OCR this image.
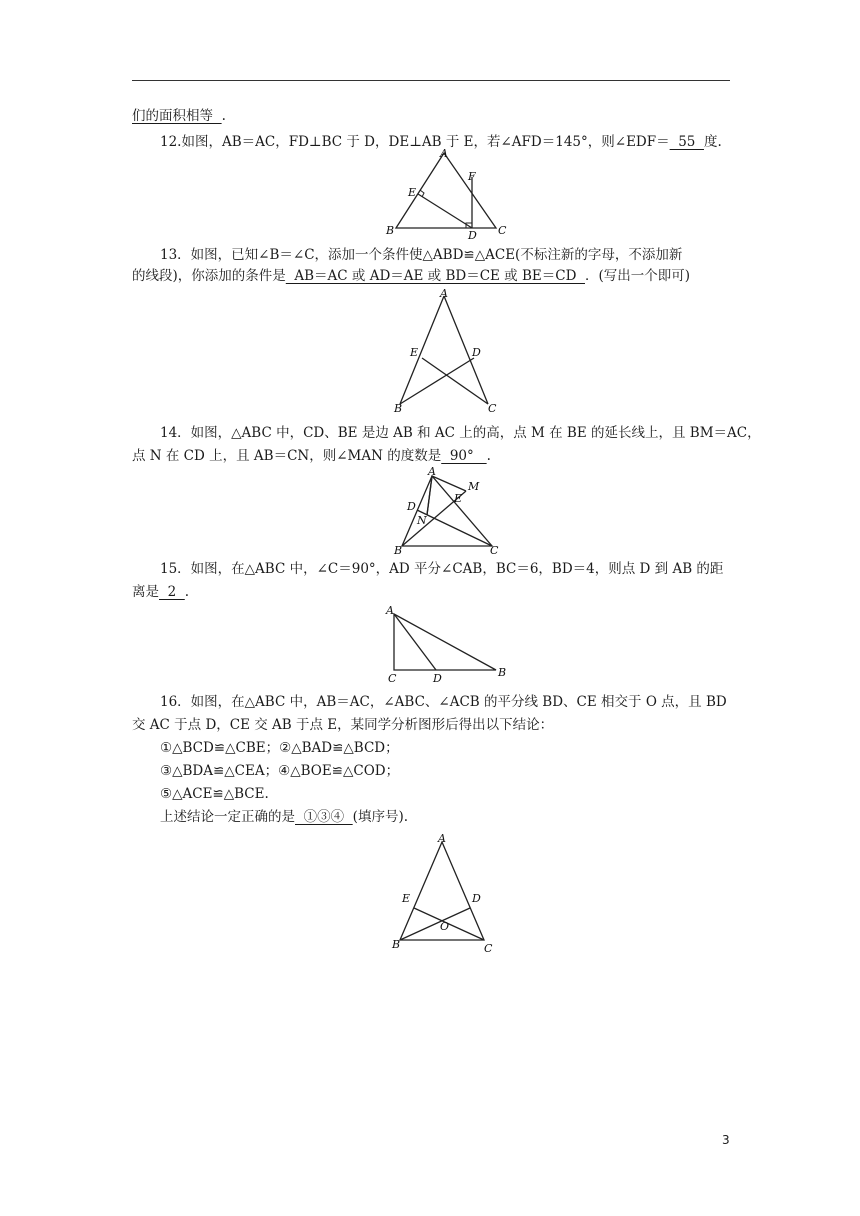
们的面积相等 .
12.如图，AB＝AC，FD⊥BC 于 D，DE⊥AB 于 E，若∠AFD＝145°，则∠EDF＝  55  度.
A
B	C
D
E
F
13．如图，已知∠B＝∠C，添加一个条件使△ABD≌△ACE(不标注新的字母，不添加新
的线段)，你添加的条件是  AB＝AC 或 AD＝AE 或 BD＝CE 或 BE＝CD  ．(写出一个即可)
A
B	C
D
E
14．如图，△ABC 中，CD、BE 是边 AB 和 AC 上的高，点 M 在 BE 的延长线上，且 BM＝AC，
点 N 在 CD 上，且 AB＝CN，则∠MAN 的度数是  90°   .
A
B	C
D
E
M
N
15．如图，在△ABC 中，∠C＝90°，AD 平分∠CAB，BC＝6，BD＝4，则点 D 到 AB 的距
离是  2  .
A
B
C	D
16．如图，在△ABC 中，AB＝AC，∠ABC、∠ACB 的平分线 BD、CE 相交于 O 点，且 BD
交 AC 于点 D，CE 交 AB 于点 E，某同学分析图形后得出以下结论：
①△BCD≌△CBE；②△BAD≌△BCD；
③△BDA≌△CEA；④△BOE≌△COD；
⑤△ACE≌△BCE.
上述结论一定正确的是  ①③④  (填序号).
A
B	C
D
E
O
3
